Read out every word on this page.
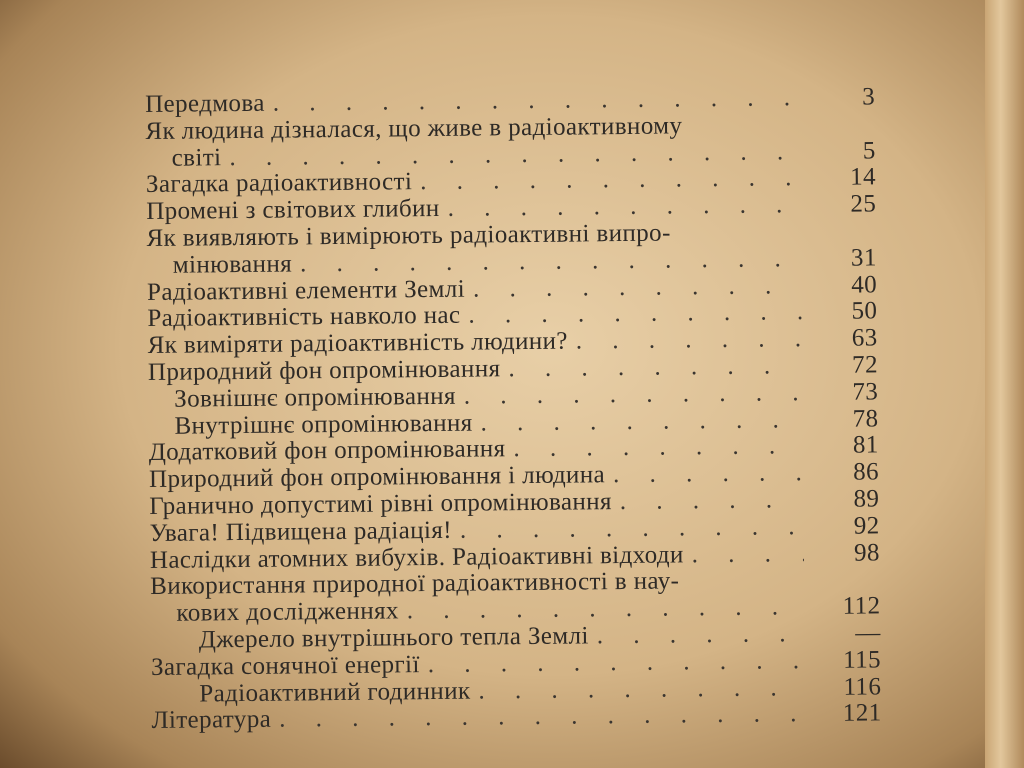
Передмова . . .	3
Як людина дізналася, що живе в радіоактивному
світі . . .	5
Загадка радіоактивності . . .	14
Промені з світових глибин . . .	25
Як виявляють і вимірюють радіоактивні випро-
мінювання . . .	31
Радіоактивні елементи Землі . . .	40
Радіоактивність навколо нас . . .	50
Як виміряти радіоактивність людини? . . .	63
Природний фон опромінювання . . .	72
Зовнішнє опромінювання . . .	73
Внутрішнє опромінювання . . .	78
Додатковий фон опромінювання . . .	81
Природний фон опромінювання і людина . . .	86
Гранично допустимі рівні опромінювання . . .	89
Увага! Підвищена радіація! . . .	92
Наслідки атомних вибухів. Радіоактивні відходи . . .	98
Використання природної радіоактивності в нау-
кових дослідженнях . . .	112
Джерело внутрішнього тепла Землі . . .	—
Загадка сонячної енергії . . .	115
Радіоактивний годинник . . .	116
Література . . .	121
